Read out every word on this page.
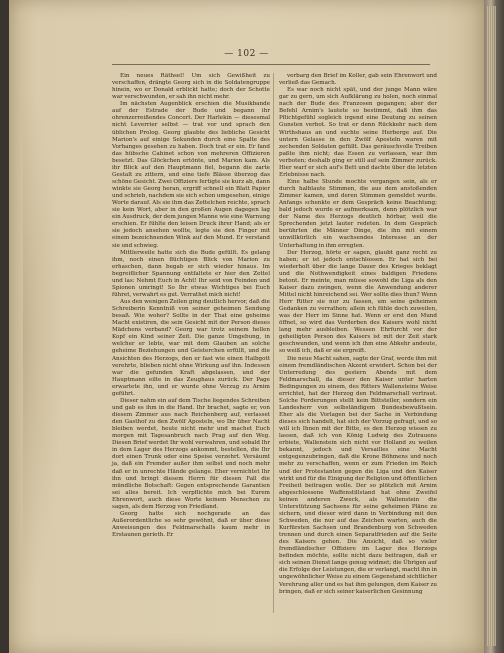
— 102 —

Ein neues Räthsel! Um sich Gewißheit zu verschaffen, drängte Georg sich in die Soldatengruppe hinein, wo er Donald erblickt hatte; doch der Schotte war verschwunden, er sah ihn nicht mehr.

Im nächsten Augenblick erschien die Musikbande auf der Estrade der Bude und begann ihr ohrenzerreißendes Concert. Der Harlekin — diesesmal nicht Leverrier selbst — trat vor und sprach den üblichen Prolog. Georg glaubte des liebliche Gesicht Marion's auf einige Sekunden durch eine Spalte des Vorhanges gesehen zu haben. Doch trat er ein. Er fand das hübsche Cabinet schon von mehreren Offizieren besetzt. Das Glöckchen ertönte, und Marion kam. Als ihr Blick auf den Hauptmann fiel, begann die zarte Gestalt zu zittern, und eine tiefe Blässe überzog das schöne Gesicht. Zwei Offiziere fertigte sie kurz ab, dann winkte sie Georg heran, ergriff schnell ein Blatt Papier und schrieb, nachdem sie sich schon umgesehen, einige Worte darauf. Als sie ihm das Zettelchen reichte, sprach sie kein Wort, aber in den großen Augen dagegen lag ein Ausdruck, der dem jungen Manne wie eine Warnung erschien. Er fühlte den leisen Druck ihrer Hand; als er sie jedoch ansehen wollte, legte sie den Finger mit einem bezeichnenden Wink auf den Mund. Er verstand sie und schwieg.

Mittlerweile hatte sich die Bude gefüllt. Es gelang ihm, noch einen flüchtigen Blick von Marion zu erhaschen, dann begab er sich wieder hinaus. Im begreiflicher Spannung entfaltete er hier den Zettel und las: Nehmt Euch in Acht! Ihr seid von Feinden und Spionen umringt! So Ihr etwas Wichtiges bei Euch führet, verwahrt es gut. Verrathet mich nicht!

Aus den wenigen Zeilen ging deutlich hervor, daß die Schreiberin Kenntniß von seiner geheimen Sendung besaß. Wie woher? Sollte in der That eine geheime Macht existiren, die sein Gesicht mit der Person dieses Mädchens verband? Georg war trotz seinem hellen Kopf ein Kind seiner Zeit. Die ganze Umgebung, in welcher er lebte, war mit dem Glauben an solche geheime Beziehungen und Geisterchen erfüllt, und die Ansichten des Herzogs, den er fast wie einen Halbgott verehrte, blieben nicht ohne Wirkung auf ihn. Indessen war die gefunden Kraft abgelassen, und der Hauptmann eilte in das Zeughaus zurück. Der Page erwartete ihn, und er wurde ohne Verzug zu Arnim geführt.

Dieser nahm ein auf dem Tische liegendes Schreiben und gab es ihm in die Hand. Ihr brachet, sagte er, von diesem Zimmer aus nach Reichenberg auf, verlasset den Gasthof zu den Zwölf Aposteln, wo Ihr über Nacht bleiben werdet, heute nicht mehr und machet Euch morgen mit Tagesanbruch nach Prag auf den Weg. Diesen Brief werdet Ihr wohl verwahren, und sobald Ihr in dem Lager des Herzogs ankommt, bestellen, die Ihr dort einen Trunk oder eine Speise verzehrt. Versäumt ja, daß ein Fremder außer ihm selbst und noch mehr daß er in unrechte Hände gelange. Eher vernichtet Ihr ihn und bringt diesem Herrn für diesen Fall die mündliche Botschaft: Gegen entsprechende Garantien sei alles bereit. Ich verpflichte mich bei Eurem Ehrenwort, auch diese Worte keinem Menschen zu sagen, als dem Herzog von Friedland.

Georg hatte sich nochgerade an das Außerordentliche so sehr gewöhnt, daß er über diese Anweisungen des Feldmarschalls kaum mehr in Erstaunen gerieth. Er

verbarg den Brief im Koller, gab sein Ehrenwort und verließ das Gemach.

Es war noch nicht spät, und der junge Mann wäre gar zu gern, um sich Aufklärung zu holen, noch einmal nach der Bude des Franzosen gegangen; aber der Befehl Arnim's lautete so bestimmt, daß ihm das Pflichtgefühl sogleich irgend eine Deutung zu seinen Gunsten verbot. So trat er denn Rückkehr nach dem Wirthshaus an und suchte seine Herberge auf. Die untern Gelasse in den Zwölf Aposteln waren mit zechenden Soldaten gefüllt. Das geräuschvolle Treiben paßte ihm nicht; das Essen zu verlassen, war ihm verboten; deshalb ging er still auf sein Zimmer zurück. Hier warf er sich auf's Bett und dachte über die letzten Erlebnisse nach.

Eine halbe Stunde mochte vergangen sein, als er durch halblaute Stimmen, die aus dem anstoßenden Zimmer kamen, und deren Stimmen gemeldet wurde. Anfangs schenkte er dem Gespräch keine Beachtung; bald jedoch wurde er aufmerksam, denn plötzlich war der Name des Herzogs deutlich hörbar, weil die Sprechenden jetzt lauter redeten. In dem Gespräch berührten die Männer Dinge, die ihn mit einem unwillkürlich ein wachsendes Interesse an der Unterhaltung in ihm erregten.

Der Herzog, hörte er sagen, glaubt ganz recht zu haben; er ist jedoch entschlossen. Er hat sich bei wiederholt über die lange Dauer des Krieges beklagt und die Nothwendigkeit eines baldigen Friedens betont. Er meinte, man müsse sowohl die Liga als den Kaiser dazu zwingen, wenn die Anwendung anderer Mittel nicht hinreichend sei. Wer sollte dies thun? Wenn Herr Ritter sie nur zu fassen, um seine geheimen Gedanken zu verrathen; allein ich fühle doch zuweilen, was der Herr im Sinne hat. Wenn er erst den Mund öffnet, so wird das Verderben des Kaisers wohl nicht lang mehr ausbleiben. Wessen Ehrfurcht vor der geheiligten Person des Kaisers ist mit der Zeit stark geschwunden, und wenn ich ihm eine Abkehr andeute, so weiß ich, daß er sie ergreift.

Die neue Macht sahen, sagte der Graf, werde ihm mit einem fremdländischen Akzent erwidert. Schon bei der Unterredung des gestern Abends mit dem Feldmarschall, da dieser den Kaiser unter harten Bedingungen zu einem, des Ritters Wallensteins Weise errichtet, hat der Herzog den Feldmarschall vertraut. Solche Forderungen stellt kein Bittsteller, sondern ein Landesherr von selbständigem Bundesbewußtsein. Eher als die Vorlagen bei der Sache in Verbindung dieses sich handelt, hat sich der Vorzug gefragt, und so will ich Ihnen mit der Bitte, es den Herzog wissen zu lassen, daß ich von König Ludwig des Zutrauens erbiete, Wallenstein sich nicht vor Holland zu weilen bekannt, jedoch und Versailles eine Macht entgegenzubringen, daß die Krone Böhmens und noch mehr zu verschaffen, wenn er zum Frieden im Reich und der Protestanten gegen die Liga und den Kaiser wirkt und für die Einigung der Religion und öffentlichen Freiheit beitragen wolle. Der so plötzlich mit Arnim abgeschlossene Waffenstillstand hat ohne Zweifel keinen anderen Zweck, als Wallenstein die Unterstützung Sachsens für seine geheimen Pläne zu sichern, und dieser wird dann in Verbindung mit den Schweden, die nur auf das Zeichen warten, auch die Kurfürsten Sachsen und Brandenburg von Schweden trennen und durch einen Separatfrieden auf die Seite des Kaisers gehen. Die Ansicht, daß so vieler fremdländischer Offiziere im Lager des Herzogs befinden möchte, sollte nicht dazu beitragen, daß er sich seinen Dienst lange genug widmet; die Übrigen auf die Erfolge der Leistungen, die er verlangt, macht ihn in ungewöhnlicher Weise zu einem Gegenstand sichtlicher Verehrung aller und es hat ihm gelungen, dem Kaiser zu bringen, daß er sich seiner kaiserlichen Gesinnung
